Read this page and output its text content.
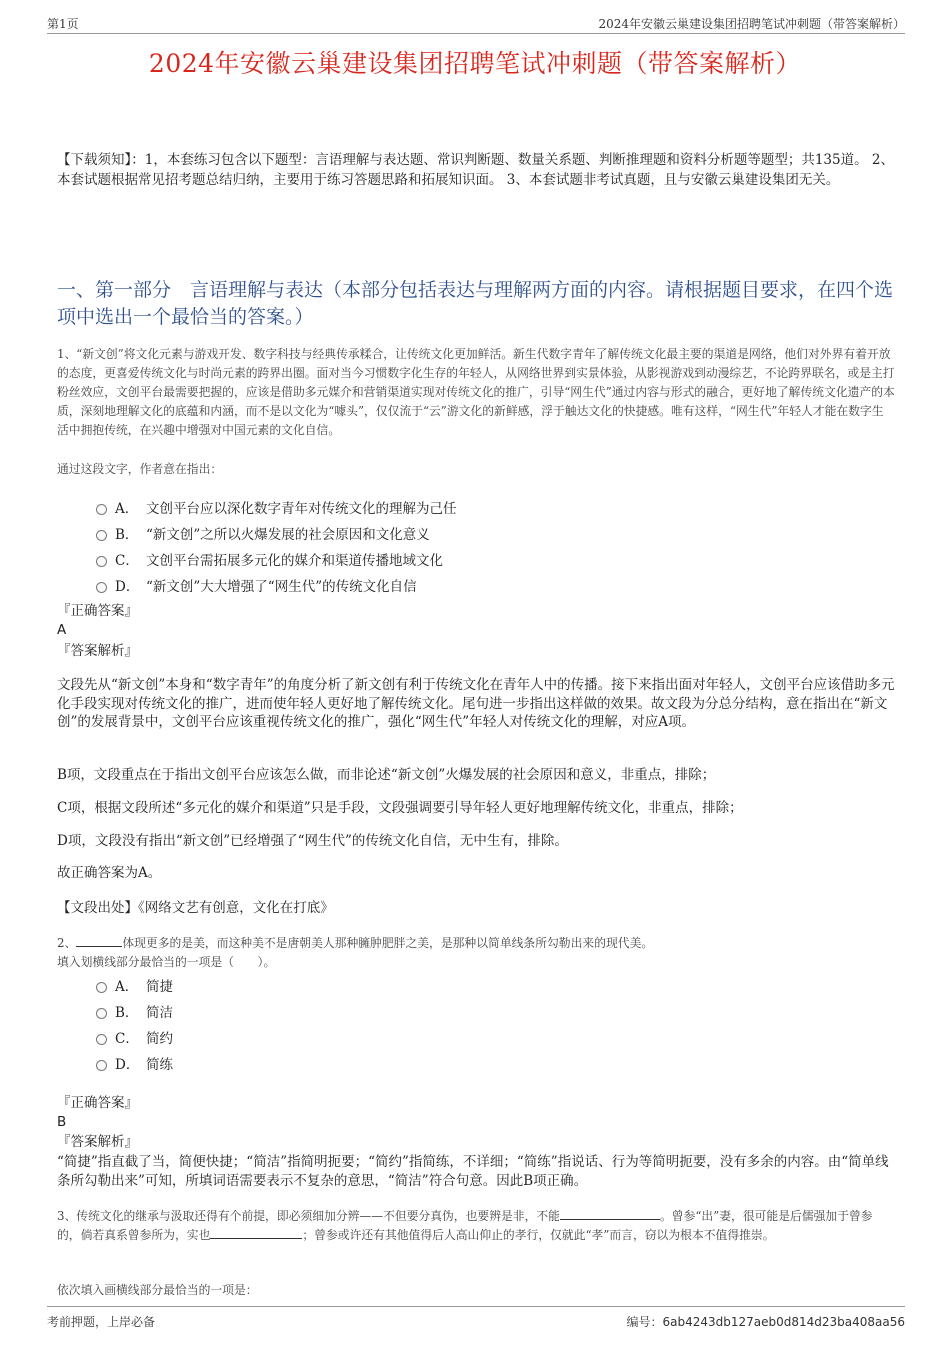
第1页	2024年安徽云巢建设集团招聘笔试冲刺题（带答案解析）
2024年安徽云巢建设集团招聘笔试冲刺题（带答案解析）
【下载须知】：1，本套练习包含以下题型：言语理解与表达题、常识判断题、数量关系题、判断推理题和资料分析题等题型；共135道。 2、本套试题根据常见招考题总结归纳，主要用于练习答题思路和拓展知识面。 3、本套试题非考试真题，且与安徽云巢建设集团无关。
一、第一部分　言语理解与表达（本部分包括表达与理解两方面的内容。请根据题目要求，在四个选项中选出一个最恰当的答案。）
1、“新文创”将文化元素与游戏开发、数字科技与经典传承糅合，让传统文化更加鲜活。新生代数字青年了解传统文化最主要的渠道是网络，他们对外界有着开放的态度，更喜爱传统文化与时尚元素的跨界出圈。面对当今习惯数字化生存的年轻人，从网络世界到实景体验，从影视游戏到动漫综艺，不论跨界联名，或是主打粉丝效应，文创平台最需要把握的，应该是借助多元媒介和营销渠道实现对传统文化的推广，引导“网生代”通过内容与形式的融合，更好地了解传统文化遗产的本质，深刻地理解文化的底蕴和内涵，而不是以文化为“噱头”，仅仅流于“云”游文化的新鲜感，浮于触达文化的快捷感。唯有这样，“网生代”年轻人才能在数字生活中拥抱传统，在兴趣中增强对中国元素的文化自信。
通过这段文字，作者意在指出：
A． 文创平台应以深化数字青年对传统文化的理解为己任
B． “新文创”之所以火爆发展的社会原因和文化意义
C． 文创平台需拓展多元化的媒介和渠道传播地域文化
D． “新文创”大大增强了“网生代”的传统文化自信
『正确答案』
A
『答案解析』
文段先从“新文创”本身和“数字青年”的角度分析了新文创有利于传统文化在青年人中的传播。接下来指出面对年轻人，文创平台应该借助多元化手段实现对传统文化的推广，进而使年轻人更好地了解传统文化。尾句进一步指出这样做的效果。故文段为分总分结构，意在指出在“新文创”的发展背景中，文创平台应该重视传统文化的推广，强化“网生代”年轻人对传统文化的理解，对应A项。
B项，文段重点在于指出文创平台应该怎么做，而非论述“新文创”火爆发展的社会原因和意义，非重点，排除；
C项，根据文段所述“多元化的媒介和渠道”只是手段，文段强调要引导年轻人更好地理解传统文化，非重点，排除；
D项，文段没有指出“新文创”已经增强了“网生代”的传统文化自信，无中生有，排除。
故正确答案为A。
【文段出处】《网络文艺有创意，文化在打底》
2、	体现更多的是美，而这种美不是唐朝美人那种臃肿肥胖之美，是那种以简单线条所勾勒出来的现代美。
填入划横线部分最恰当的一项是（　　）。
A． 简捷
B． 简洁
C． 简约
D． 简练
『正确答案』
B
『答案解析』
“简捷”指直截了当，简便快捷；“简洁”指简明扼要；“简约”指简练，不详细；“简练”指说话、行为等简明扼要，没有多余的内容。由“简单线条所勾勒出来”可知，所填词语需要表示不复杂的意思，“简洁”符合句意。因此B项正确。
3、传统文化的继承与汲取还得有个前提，即必须细加分辨——不但要分真伪，也要辨是非，不能	。曾参“出”妻，很可能是后儒强加于曾参的，倘若真系曾参所为，实也	；曾参或许还有其他值得后人高山仰止的孝行，仅就此“孝”而言，窃以为根本不值得推崇。
依次填入画横线部分最恰当的一项是：
考前押题，上岸必备	编号：6ab4243db127aeb0d814d23ba408aa56
